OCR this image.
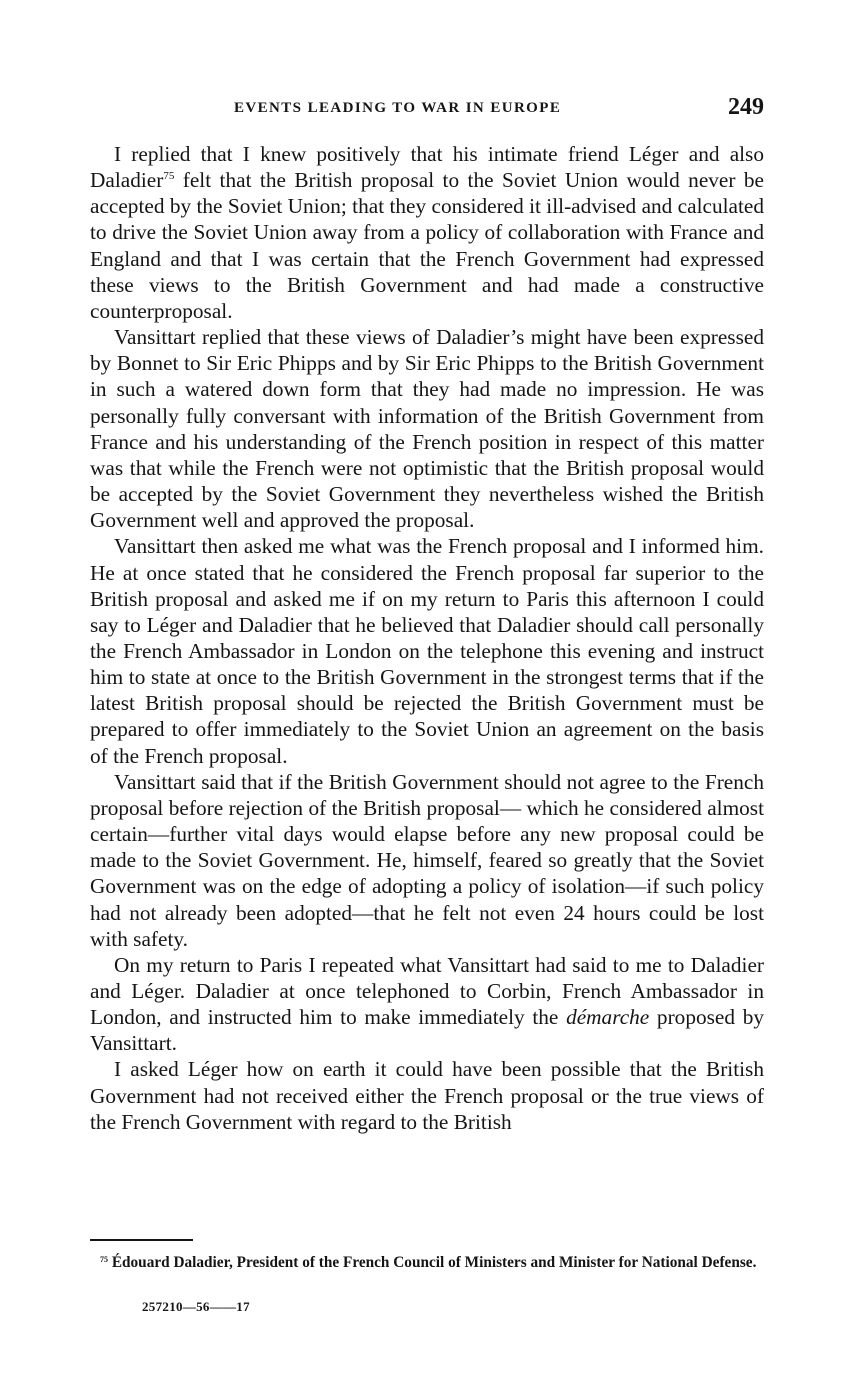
EVENTS LEADING TO WAR IN EUROPE	249

I replied that I knew positively that his intimate friend Léger and also Daladier$^{75}$ felt that the British proposal to the Soviet Union would never be accepted by the Soviet Union; that they considered it ill-advised and calculated to drive the Soviet Union away from a policy of collaboration with France and England and that I was certain that the French Government had expressed these views to the British Government and had made a constructive counterproposal.

Vansittart replied that these views of Daladier’s might have been expressed by Bonnet to Sir Eric Phipps and by Sir Eric Phipps to the British Government in such a watered down form that they had made no impression. He was personally fully conversant with information of the British Government from France and his understanding of the French position in respect of this matter was that while the French were not optimistic that the British proposal would be accepted by the Soviet Government they nevertheless wished the British Government well and approved the proposal.

Vansittart then asked me what was the French proposal and I informed him. He at once stated that he considered the French proposal far superior to the British proposal and asked me if on my return to Paris this afternoon I could say to Léger and Daladier that he believed that Daladier should call personally the French Ambassador in London on the telephone this evening and instruct him to state at once to the British Government in the strongest terms that if the latest British proposal should be rejected the British Government must be prepared to offer immediately to the Soviet Union an agreement on the basis of the French proposal.

Vansittart said that if the British Government should not agree to the French proposal before rejection of the British proposal— which he considered almost certain—further vital days would elapse before any new proposal could be made to the Soviet Government. He, himself, feared so greatly that the Soviet Government was on the edge of adopting a policy of isolation—if such policy had not already been adopted—that he felt not even 24 hours could be lost with safety.

On my return to Paris I repeated what Vansittart had said to me to Daladier and Léger. Daladier at once telephoned to Corbin, French Ambassador in London, and instructed him to make immediately the démarche proposed by Vansittart.

I asked Léger how on earth it could have been possible that the British Government had not received either the French proposal or the true views of the French Government with regard to the British

$^{75}$ Édouard Daladier, President of the French Council of Ministers and Minister for National Defense.

257210—56——17
